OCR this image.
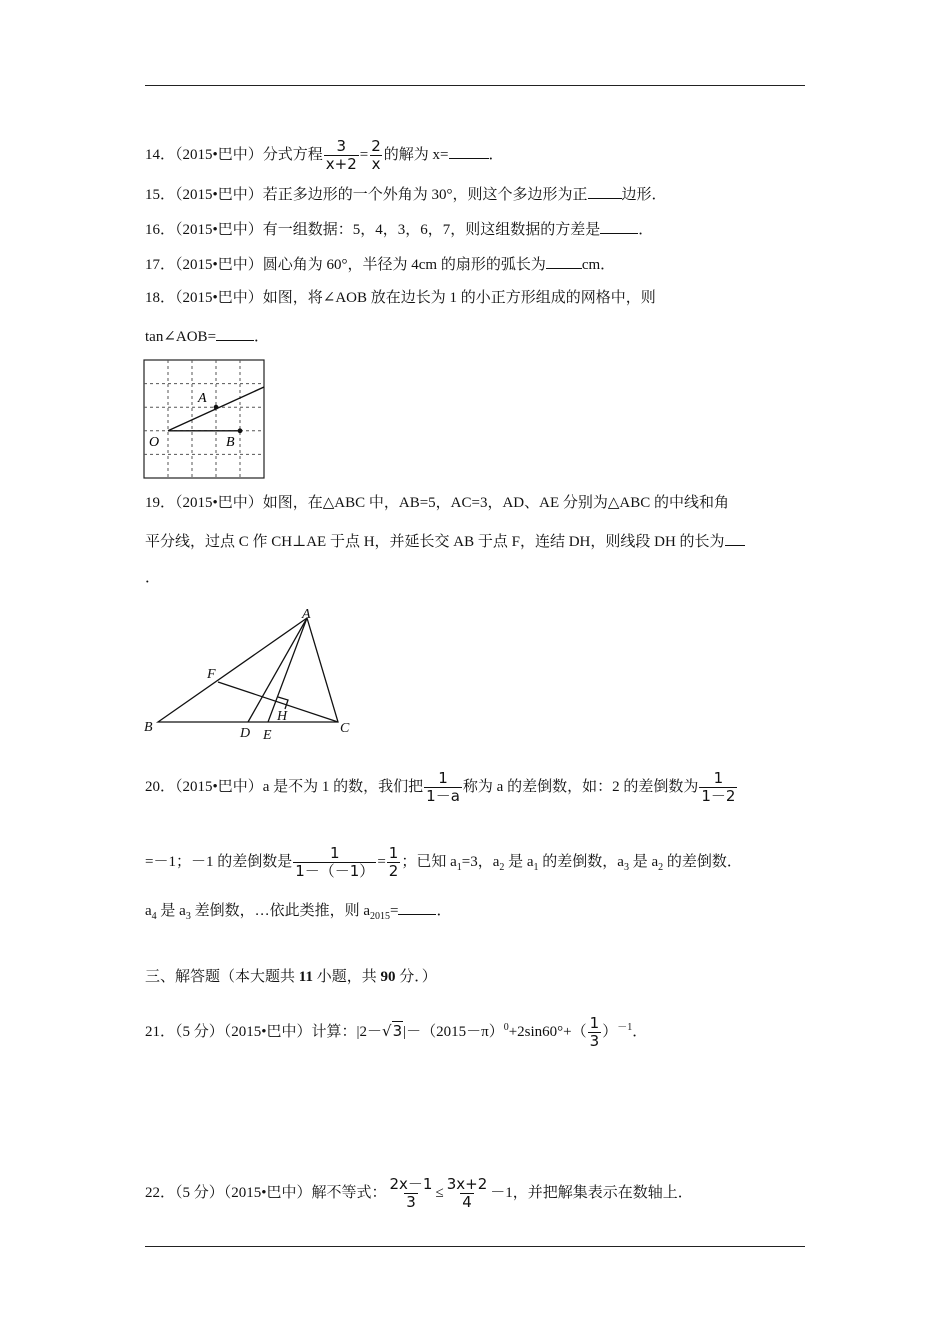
14．（2015•巴中）分式方程 $\frac{3}{x+2} = \frac{2}{x}$ 的解为 x=	．
15．（2015•巴中）若正多边形的一个外角为 30°，则这个多边形为正 边形．
16．（2015•巴中）有一组数据：5，4，3，6，7，则这组数据的方差是	．
17．（2015•巴中）圆心角为 60°，半径为 4cm 的扇形的弧长为 cm．
18．（2015•巴中）如图，将∠AOB 放在边长为 1 的小正方形组成的网格中，则
tan∠AOB=	．
A
O	B
19．（2015•巴中）如图，在△ABC 中，AB=5，AC=3，AD、AE 分别为△ABC 的中线和角
平分线，过点 C 作 CH⊥AE 于点 H，并延长交 AB 于点 F，连结 DH，则线段 DH 的长为
．
A
B	C
D E
F
H
20．（2015•巴中）a 是不为 1 的数，我们把 $\frac{1}{1-a}$ 称为 a 的差倒数，如：2 的差倒数为 $\frac{1}{1-2}$
=－1；－1 的差倒数是 $\frac{1}{1-(-1)} = \frac{1}{2}$ ；已知 $a_1=3$，$a_2$ 是 $a_1$ 的差倒数，$a_3$ 是 $a_2$ 的差倒数．
$a_4$ 是 $a_3$ 差倒数，…依此类推，则 $a_{2015}=$	．
三、解答题（本大题共 11 小题，共 90 分．）
21．（5 分）（2015•巴中）计算：$|2-√3|-(2015-\pi)^0+2\sin 60^\circ+( \frac{1}{3} )^{-1}$．
22．（5 分）（2015•巴中）解不等式： $\frac{2x-1}{3} \le \frac{3x+2}{4} -1$，并把解集表示在数轴上．
